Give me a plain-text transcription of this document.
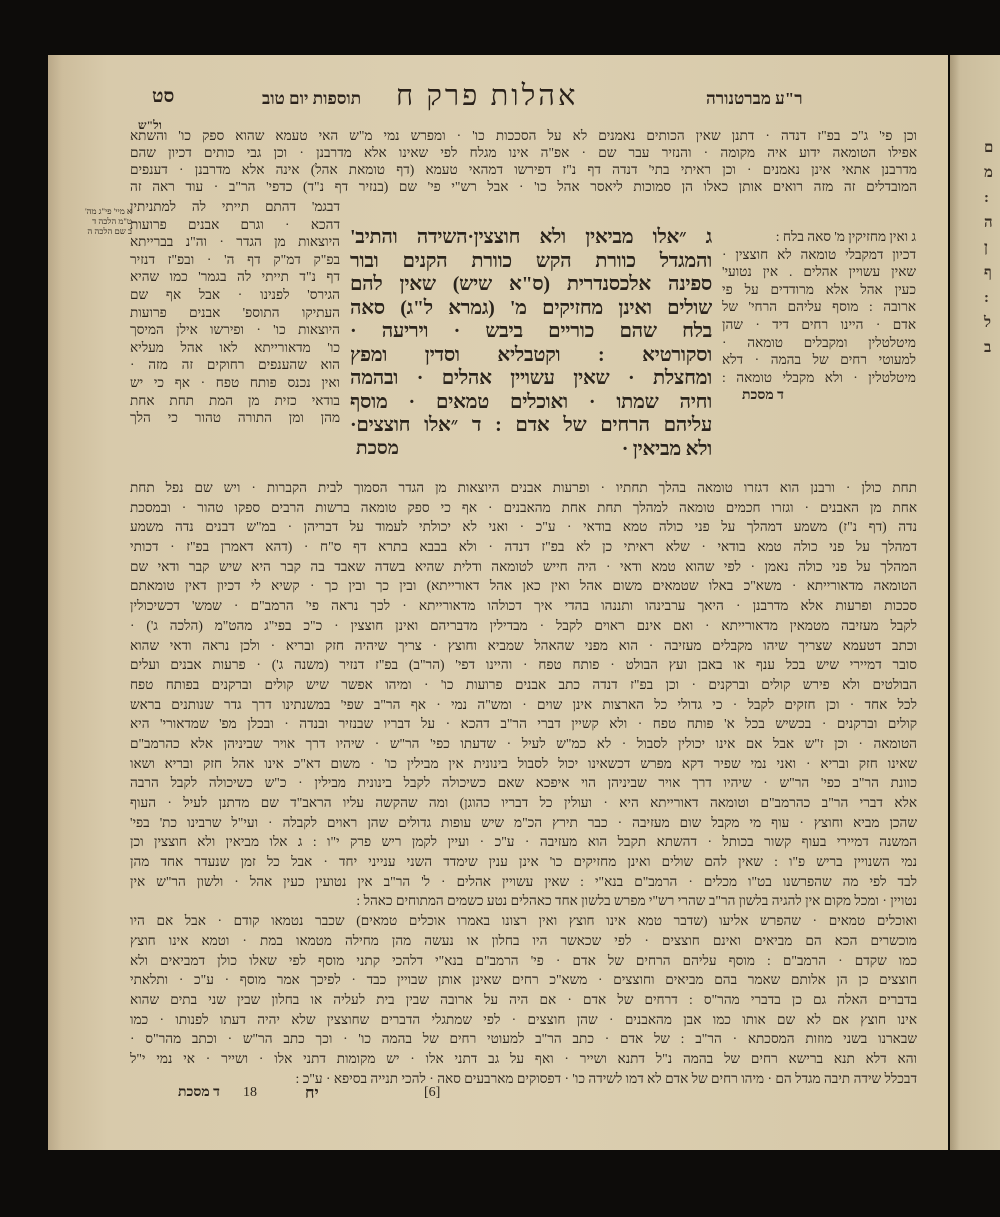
ם
מ
:
ה
ן
ף
:
ל
ב
סט	תוספות יום טוב אהלות פרק ח	ר"ע מברטנורה
ול"ש
א מיי' פי"ג מה'
ט"מ הלכה ד
ב שם הלכה ה
וכן פי' ג"כ בפ"ז דנדה · דתנן שאין הכותים נאמנים לא על הסככות כו' · ומפרש נמי מ"ש האי טעמא שהוא ספק כו' והשתא
אפילו הטומאה ידוע איה מקומה · והנזיר עבר שם · אפ"ה אינו מגלח לפי שאינו אלא מדרבנן · וכן גבי כותים דכיון שהם
מדרבנן אתאי אינן נאמנים · וכן ראיתי בתי' דנדה דף נ"ז דפירשו דמהאי טעמא (דף טומאת אהל) אינה אלא מדרבנן · דענפים
המובדלים זה מזה רואים אותן כאלו הן סמוכות ליאסר אהל כו' · אבל רש"י פי' שם (בנזיר דף נ"ד) כדפי' הר"ב · עוד ראה זה
דבגמ' דהתם תייתי לה למתניתין
דהכא · וגרם אבנים פרועות
היוצאות מן הגדר · וה"נ בברייתא
בפ"ק דמ"ק דף ה' · ובפ"ז דנזיר
דף נ"ד תייתי לה בגמר' כמו שהיא
הגירס' לפנינו · אבל אף שם
העתיקו התוספ' אבנים פרועות
היוצאות כו' · ופירשו אילן המיסך
כו' מדאורייתא לאו אהל מעליא
הוא שהענפים רחוקים זה מזה ·
ואין נכנס פותח טפח · אף כי יש
בודאי כזית מן המת תחת אחת
מהן ומן התורה טהור כי הלך
ג ״אלו מביאין ולא חוצצין·השידה והתיב'
והמגדל כוורת הקש כוורת הקנים ובור
ספינה אלכסנדרית (ס"א שיש) שאין להם
שולים ואינן מחזיקים מ' (גמרא ל"ג) סאה
בלח שהם כוריים ביבש · ויריעה ·
וסקורטיא : וקטבליא וסדין ומפץ
ומחצלת · שאין עשויין אהלים · ובהמה
וחיה שמתו · ואוכלים טמאים · מוסף
עליהם הרחים של אדם : ד ״אלו חוצצים·
ולא מביאין ·
ג ואין מחזיקין מ' סאה בלח :
דכיון דמקבלי טומאה לא חוצצין ·
שאין עשויין אהלים . אין נטועי'
כעין אהל אלא מרודדים על פי
ארובה : מוסף עליהם הרחי' של
אדם · היינו רחים דיד · שהן
מיטלטלין ומקבלים טומאה ·
למעוטי רחים של בהמה · דלא
מיטלטלין · ולא מקבלי טומאה :
תחת כולן · ורבנן הוא דגזרו טומאה בהלך תחתיו · ופרעות אבנים היוצאות מן הגדר הסמוך לבית הקברות · ויש שם נפל תחת
אחת מן האבנים · וגזרו חכמים טומאה למהלך תחת אחת מהאבנים · אף כי ספק טומאה ברשות הרבים ספקו טהור · ובמסכת
נדה (דף נ"ז) משמע דמהלך על פני כולה טמא בודאי · ע"כ · ואני לא יכולתי לעמוד על דבריהן · במ"ש דבנים נדה משמע
דמהלך על פני כולה טמא בודאי · שלא ראיתי כן לא בפ"ז דנדה · ולא בבבא בתרא דף ס"ח · (דהא דאמרן בפ"ז · דכותי
המהלך על פני כולה נאמן · לפי שהוא טמא ודאי · היה חייש לטומאה ודלית שהיא בשדה שאבד בה קבר היא שיש קבר ודאי שם
הטומאה מדאורייתא · משא"כ באלו שטמאים משום אהל ואין כאן אהל דאורייתא) ובין כך ובין כך · קשיא לי דכיון דאין טומאתם
סככות ופרעות אלא מדרבנן · היאך ערבינהו ותננהו בהדי איך דכולהו מדאורייתא · לכך נראה פי' הרמב"ם · שמש' דכשיכולין
לקבל מעזיבה מטמאין מדאורייתא · ואם אינם ראוים לקבל · מבדילין מדבריהם ואינן חוצצין · כ"כ בפי"ג מהט"מ (הלכה ג') ·
וכתב דטעמא שצריך שיהו מקבלים מעזיבה · הוא מפני שהאהל שמביא וחוצץ · צריך שיהיה חזק ובריא · ולכן נראה ודאי שהוא
סובר דמיירי שיש בכל ענף או באבן ועץ הבולט · פותח טפח · והיינו דפי' (הר"ב) בפ"ז דנזיר (משנה ג') · פרעות אבנים ועלים
הבולטים ולא פירש קולים וברקנים · וכן בפ"ז דנדה כתב אבנים פרועות כו' · ומיהו אפשר שיש קולים וברקנים בפותח טפח
לכל אחד · וכן חזקים לקבל · כי גדולי כל הארצות אינן שוים · ומש"ה נמי · אף הר"ב שפי' במשנתינו דרך גדר שנותנים בראש
קולים וברקנים · בכשיש בכל א' פותח טפח · ולא קשיין דברי הר"ב דהכא · על דבריו שבנזיר ובנדה · ובכלן מפ' שמדאורי' היא
הטומאה · וכן ז"ש אבל אם אינו יכולין לסבול · לא כמ"ש לעיל · שדעתו כפי' הר"ש · שיהיו דרך אויר שביניהן אלא כהרמב"ם
שאינו חזק ובריא · ואני נמי שפיר דקא מפרש דכשאינו יכול לסבול בינונית אין מבילין כו' · משום דא"כ אינו אהל חזק ובריא ושאו
כוונת הר"ב כפי' הר"ש · שיהיו דרך אויר שביניהן הוי איפכא שאם כשיכולה לקבל בינונית מבילין · כ"ש כשיכולה לקבל הרבה
אלא דברי הר"ב כהרמב"ם וטומאה דאורייתא היא · ועולין כל דבריו כהוגן) ומה שהקשה עליו הראב"ד שם מדתנן לעיל · העוף
שהכן מביא וחוצץ · עוף מי מקבל שום מעזיבה · כבר תירץ הכ"מ שיש עופות גדולים שהן ראוים לקבלה · ועי"ל שרבינו כת' בפי'
המשנה דמיירי בעוף קשור בכותל · דהשתא תקבל הוא מעזיבה · ע"כ · ועיין לקמן ריש פרק י"ו : ג אלו מביאין ולא חוצצין וכן
נמי השנויין בריש פ"ו : שאין להם שולים ואינן מחזיקים כו' אינן ענין שימדד השני ענייני יחד · אבל כל זמן שנעדר אחד מהן
לבד לפי מה שהפרשנו בט"ו מכלים · הרמב"ם בנא"י : שאין עשויין אהלים · ל' הר"ב אין נטועין כעין אהל · ולשון הר"ש אין
נטויין · ומכל מקום אין להגיה בלשון הר"ב שהרי רש"י מפרש בלשון אחד כאהלים נטע כשמים המתוחים כאהל :
ואוכלים טמאים · שהפרש אליעו (שדבר טמא אינו חוצץ ואין רצונו באמרו אוכלים טמאים) שכבר נטמאו קודם · אבל אם היו
מוכשרים הכא הם מביאים ואינם חוצצים · לפי שכאשר היו בחלון או נעשה מהן מחילה מטמאו במת · וטמא אינו חוצץ
כמו שקדם · הרמב"ם : מוסף עליהם הרחים של אדם · פי' הרמב"ם בנא"י דלהכי קתני מוסף לפי שאלו כולן דמביאים ולא
חוצצים כן הן אלותם שאמר בהם מביאים וחוצצים · משא"כ רחים שאינן אותן שבויין כבד · לפיכך אמר מוסף · ע"כ · ותלאתי
בדברים האלה גם כן בדברי מהר"ס : דרחים של אדם · אם היה על ארובה שבין בית לעליה או בחלון שבין שני בתים שהוא
אינו חוצץ אם לא שם אותו כמו אבן מהאבנים · שהן חוצצים · לפי שמתגלי הדברים שחוצצין שלא יהיה דעתו לפנותו · כמו
שבארנו בשני מוזות המסכתא · הר"ב : של אדם · כתב הר"ב למעוטי רחים של בהמה כו' · וכך כתב הר"ש · וכתב מהר"ס ·
והא דלא תנא ברישא רחים של בהמה נ"ל דתנא ושייר · ואף על גב דתני אלו · יש מקומות דתני אלו · ושייר · אי נמי י"ל
דבכלל שידה תיבה מגדל הם · מיהו רחים של אדם לא דמו לשידה כו' · דפסוקים מארבעים סאה · להכי תנייה בסיפא · ע"כ :
מסכת
ד מסכת
ד מסכת 18	יח	[6]
